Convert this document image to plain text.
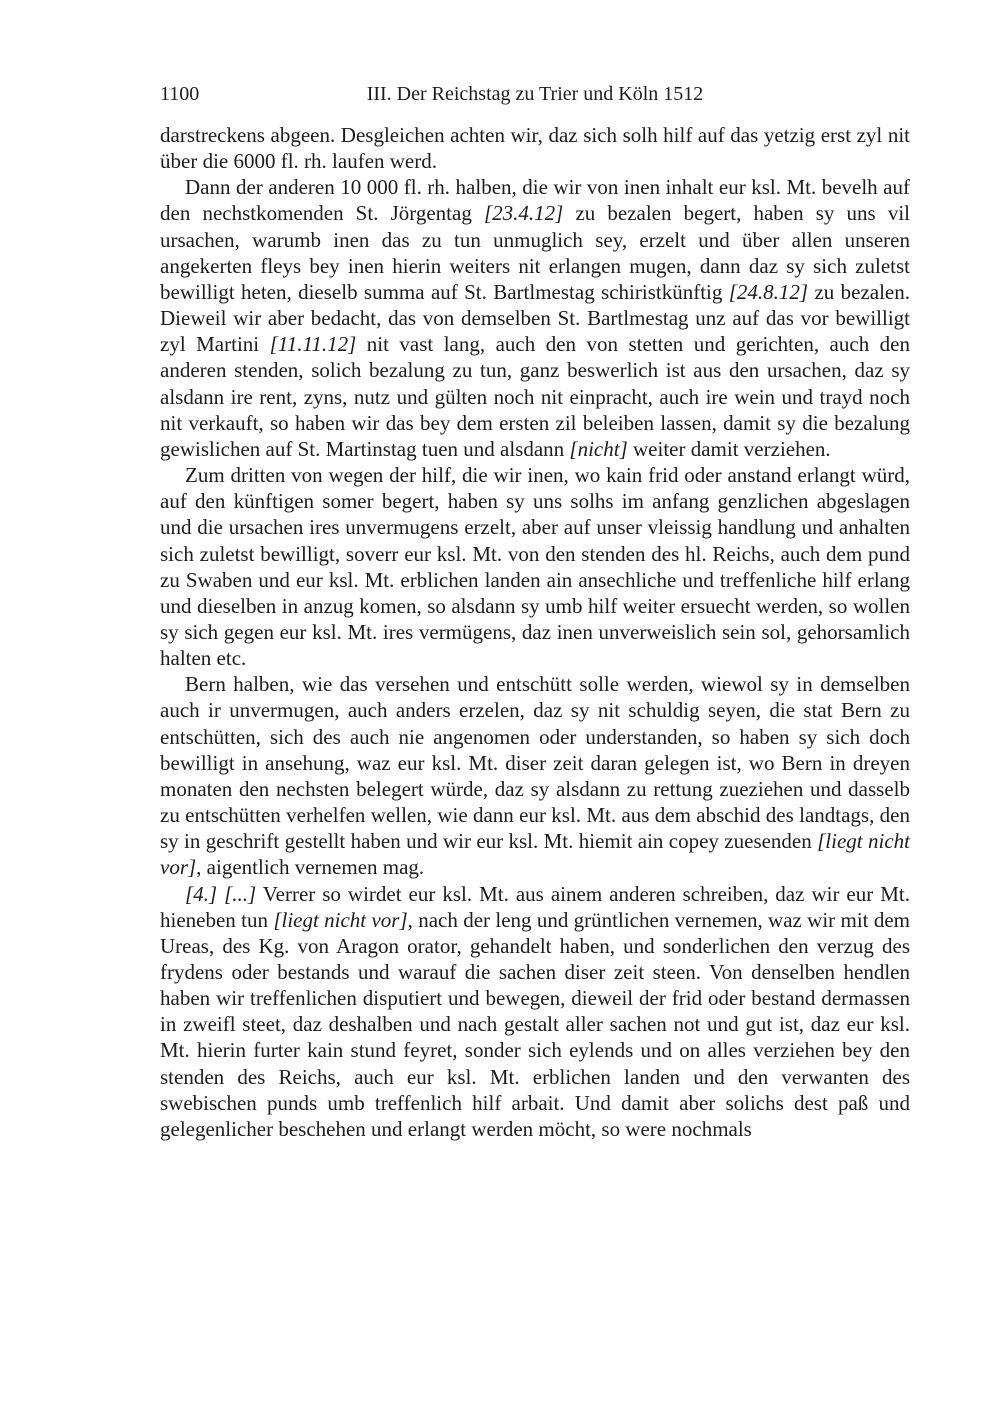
1100	III. Der Reichstag zu Trier und Köln 1512

darstreckens abgeen. Desgleichen achten wir, daz sich solh hilf auf das yetzig erst zyl nit über die 6000 fl. rh. laufen werd.

Dann der anderen 10 000 fl. rh. halben, die wir von inen inhalt eur ksl. Mt. bevelh auf den nechstkomenden St. Jörgentag [23.4.12] zu bezalen begert, haben sy uns vil ursachen, warumb inen das zu tun unmuglich sey, erzelt und über allen unseren angekerten fleys bey inen hierin weiters nit erlangen mugen, dann daz sy sich zuletst bewilligt heten, dieselb summa auf St. Bartlmestag schiristkünftig [24.8.12] zu bezalen. Dieweil wir aber bedacht, das von demselben St. Bartlmestag unz auf das vor bewilligt zyl Martini [11.11.12] nit vast lang, auch den von stetten und gerichten, auch den anderen stenden, solich bezalung zu tun, ganz beswerlich ist aus den ursachen, daz sy alsdann ire rent, zyns, nutz und gülten noch nit einpracht, auch ire wein und trayd noch nit verkauft, so haben wir das bey dem ersten zil beleiben lassen, damit sy die bezalung gewislichen auf St. Martinstag tuen und alsdann [nicht] weiter damit verziehen.

Zum dritten von wegen der hilf, die wir inen, wo kain frid oder anstand erlangt würd, auf den künftigen somer begert, haben sy uns solhs im anfang genzlichen abgeslagen und die ursachen ires unvermugens erzelt, aber auf unser vleissig handlung und anhalten sich zuletst bewilligt, soverr eur ksl. Mt. von den stenden des hl. Reichs, auch dem pund zu Swaben und eur ksl. Mt. erblichen landen ain ansechliche und treffenliche hilf erlang und dieselben in anzug komen, so alsdann sy umb hilf weiter ersuecht werden, so wollen sy sich gegen eur ksl. Mt. ires vermügens, daz inen unverweislich sein sol, gehorsamlich halten etc.

Bern halben, wie das versehen und entschütt solle werden, wiewol sy in demselben auch ir unvermugen, auch anders erzelen, daz sy nit schuldig seyen, die stat Bern zu entschütten, sich des auch nie angenomen oder understanden, so haben sy sich doch bewilligt in ansehung, waz eur ksl. Mt. diser zeit daran gelegen ist, wo Bern in dreyen monaten den nechsten belegert würde, daz sy alsdann zu rettung zueziehen und dasselb zu entschütten verhelfen wellen, wie dann eur ksl. Mt. aus dem abschid des landtags, den sy in geschrift gestellt haben und wir eur ksl. Mt. hiemit ain copey zuesenden [liegt nicht vor], aigentlich vernemen mag.

[4.] [...] Verrer so wirdet eur ksl. Mt. aus ainem anderen schreiben, daz wir eur Mt. hieneben tun [liegt nicht vor], nach der leng und grüntlichen vernemen, waz wir mit dem Ureas, des Kg. von Aragon orator, gehandelt haben, und sonderlichen den verzug des frydens oder bestands und warauf die sachen diser zeit steen. Von denselben hendlen haben wir treffenlichen disputiert und bewegen, dieweil der frid oder bestand dermassen in zweifl steet, daz deshalben und nach gestalt aller sachen not und gut ist, daz eur ksl. Mt. hierin furter kain stund feyret, sonder sich eylends und on alles verziehen bey den stenden des Reichs, auch eur ksl. Mt. erblichen landen und den verwanten des swebischen punds umb treffenlich hilf arbait. Und damit aber solichs dest paß und gelegenlicher beschehen und erlangt werden möcht, so were nochmals
